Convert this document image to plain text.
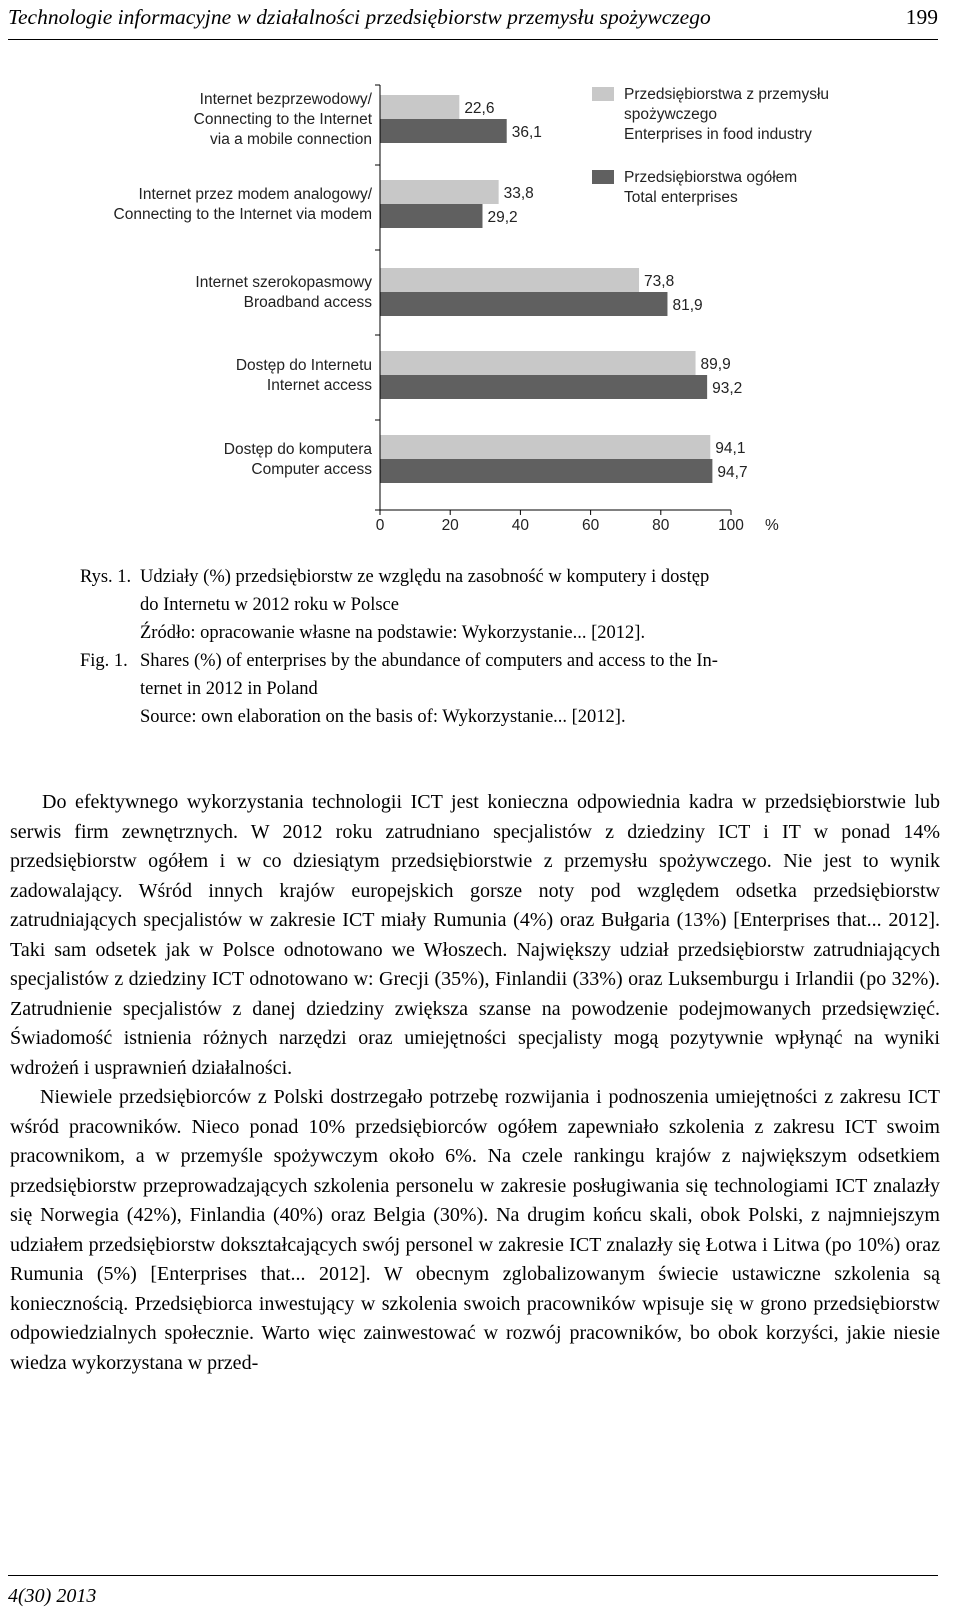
Technologie informacyjne w działalności przedsiębiorstw przemysłu spożywczego	199
22,6
36,1
33,8
29,2
73,8
81,9
89,9
93,2
94,1
94,7
Internet bezprzewodowy/
Connecting to the Internet
via a mobile connection
Internet przez modem analogowy/
Connecting to the Internet via modem
Internet szerokopasmowy
Broadband access
Dostęp do Internetu
Internet access
Dostęp do komputera
Computer access
0	20	40	60	80	100 %
Przedsiębiorstwa z przemysłu
spożywczego
Enterprises in food industry
Przedsiębiorstwa ogółem
Total enterprises
Rys. 1. Udziały (%) przedsiębiorstw ze względu na zasobność w komputery i dostęp
do Internetu w 2012 roku w Polsce
Źródło: opracowanie własne na podstawie: Wykorzystanie... [2012].
Fig. 1. Shares (%) of enterprises by the abundance of computers and access to the In-
ternet in 2012 in Poland
Source: own elaboration on the basis of: Wykorzystanie... [2012].

Do efektywnego wykorzystania technologii ICT jest konieczna odpowiednia kadra w przedsiębiorstwie lub serwis firm zewnętrznych. W 2012 roku zatrudniano specjalistów z dziedziny ICT i IT w ponad 14% przedsiębiorstw ogółem i w co dziesiątym przedsiębiorstwie z przemysłu spożywczego. Nie jest to wynik zadowalający. Wśród innych krajów europejskich gorsze noty pod względem odsetka przedsiębiorstw zatrudniających specjalistów w zakresie ICT miały Rumunia (4%) oraz Bułgaria (13%) [Enterprises that... 2012]. Taki sam odsetek jak w Polsce odnotowano we Włoszech. Największy udział przedsiębiorstw zatrudniających specjalistów z dziedziny ICT odnotowano w: Grecji (35%), Finlandii (33%) oraz Luksemburgu i Irlandii (po 32%). Zatrudnienie specjalistów z danej dziedziny zwiększa szanse na powodzenie podejmowanych przedsięwzięć. Świadomość istnienia różnych narzędzi oraz umiejętności specjalisty mogą pozytywnie wpłynąć na wyniki wdrożeń i usprawnień działalności.

Niewiele przedsiębiorców z Polski dostrzegało potrzebę rozwijania i podnoszenia umiejętności z zakresu ICT wśród pracowników. Nieco ponad 10% przedsiębiorców ogółem zapewniało szkolenia z zakresu ICT swoim pracownikom, a w przemyśle spożywczym około 6%. Na czele rankingu krajów z największym odsetkiem przedsiębiorstw przeprowadzających szkolenia personelu w zakresie posługiwania się technologiami ICT znalazły się Norwegia (42%), Finlandia (40%) oraz Belgia (30%). Na drugim końcu skali, obok Polski, z najmniejszym udziałem przedsiębiorstw dokształcających swój personel w zakresie ICT znalazły się Łotwa i Litwa (po 10%) oraz Rumunia (5%) [Enterprises that... 2012]. W obecnym zglobalizowanym świecie ustawiczne szkolenia są koniecznością. Przedsiębiorca inwestujący w szkolenia swoich pracowników wpisuje się w grono przedsiębiorstw odpowiedzialnych społecznie. Warto więc zainwestować w rozwój pracowników, bo obok korzyści, jakie niesie wiedza wykorzystana w przed-

4(30) 2013
